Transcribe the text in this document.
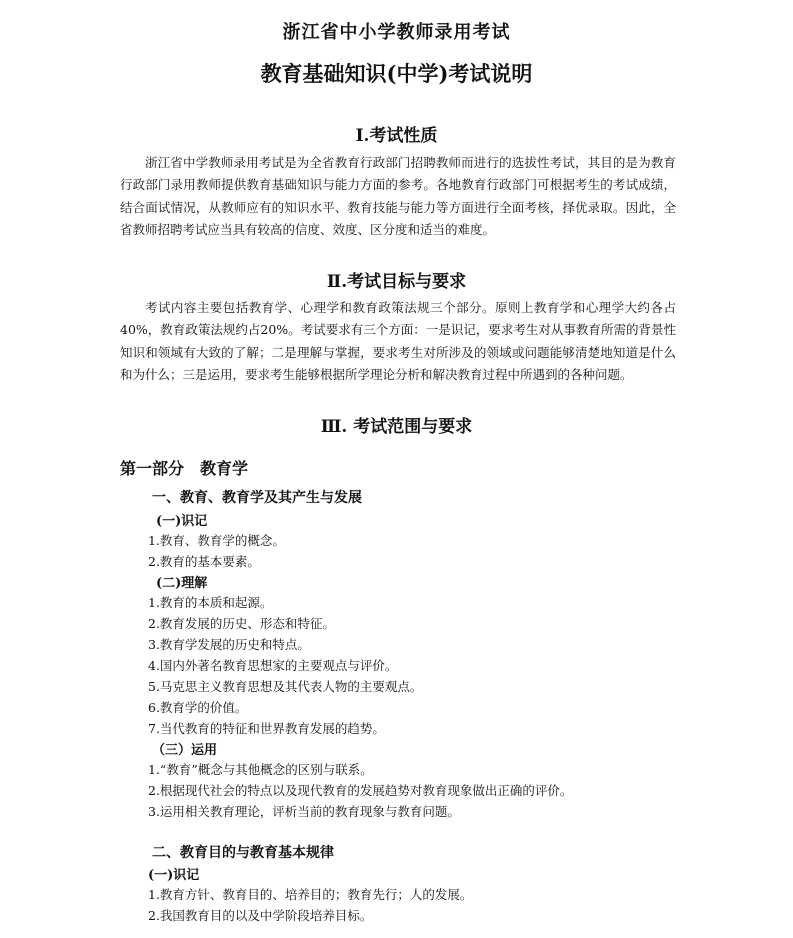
浙江省中小学教师录用考试
教育基础知识(中学)考试说明
Ⅰ.考试性质

浙江省中学教师录用考试是为全省教育行政部门招聘教师而进行的选拔性考试，其目的是为教育行政部门录用教师提供教育基础知识与能力方面的参考。各地教育行政部门可根据考生的考试成绩，结合面试情况，从教师应有的知识水平、教育技能与能力等方面进行全面考核，择优录取。因此，全省教师招聘考试应当具有较高的信度、效度、区分度和适当的难度。

Ⅱ.考试目标与要求

考试内容主要包括教育学、心理学和教育政策法规三个部分。原则上教育学和心理学大约各占40%，教育政策法规约占20%。考试要求有三个方面：一是识记，要求考生对从事教育所需的背景性知识和领域有大致的了解；二是理解与掌握，要求考生对所涉及的领域或问题能够清楚地知道是什么和为什么；三是运用，要求考生能够根据所学理论分析和解决教育过程中所遇到的各种问题。

Ⅲ. 考试范围与要求
第一部分　教育学
一、教育、教育学及其产生与发展
(一)识记
1.教育、教育学的概念。
2.教育的基本要素。
(二)理解
1.教育的本质和起源。
2.教育发展的历史、形态和特征。
3.教育学发展的历史和特点。
4.国内外著名教育思想家的主要观点与评价。
5.马克思主义教育思想及其代表人物的主要观点。
6.教育学的价值。
7.当代教育的特征和世界教育发展的趋势。
（三）运用
1.“教育”概念与其他概念的区别与联系。
2.根据现代社会的特点以及现代教育的发展趋势对教育现象做出正确的评价。
3.运用相关教育理论，评析当前的教育现象与教育问题。
二、教育目的与教育基本规律
(一)识记
1.教育方针、教育目的、培养目的；教育先行；人的发展。
2.我国教育目的以及中学阶段培养目标。
